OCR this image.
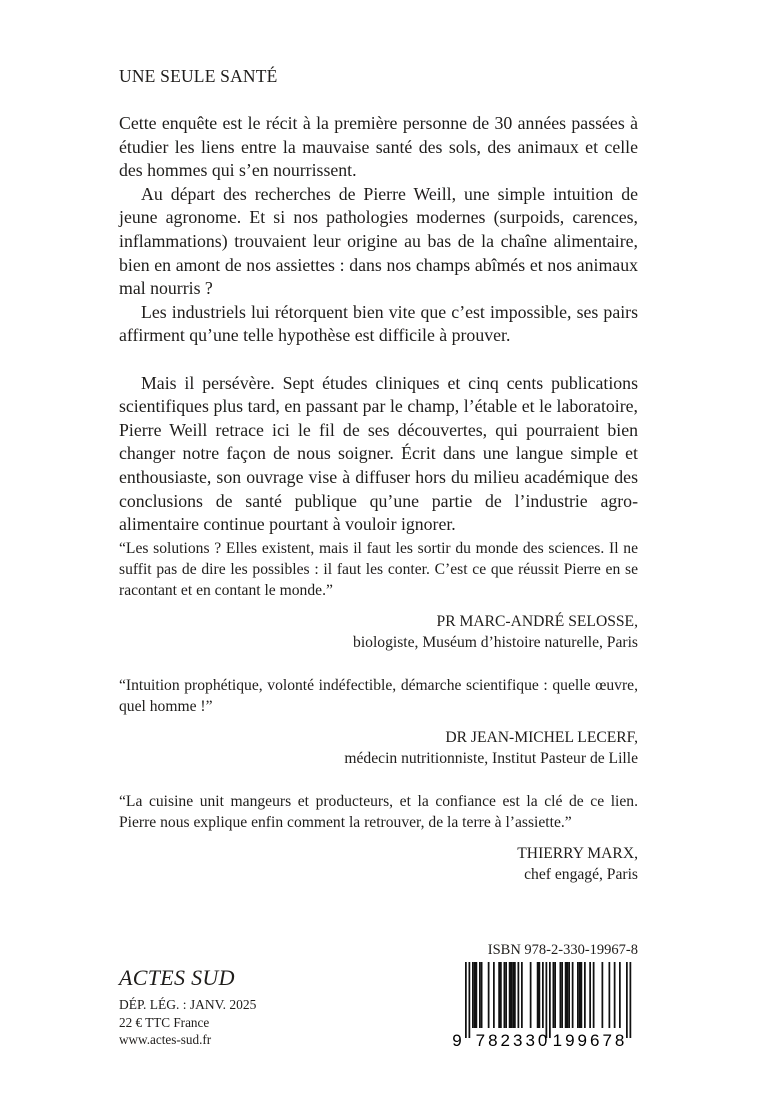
UNE SEULE SANTÉ

Cette enquête est le récit à la première personne de 30 années passées à étudier les liens entre la mauvaise santé des sols, des animaux et celle des hommes qui s’en nourrissent.

Au départ des recherches de Pierre Weill, une simple intuition de jeune agronome. Et si nos pathologies modernes (surpoids, carences, inflammations) trouvaient leur origine au bas de la chaîne alimentaire, bien en amont de nos assiettes : dans nos champs abîmés et nos animaux mal nourris ?

Les industriels lui rétorquent bien vite que c’est impossible, ses pairs affirment qu’une telle hypothèse est difficile à prouver.

Mais il persévère. Sept études cliniques et cinq cents publications scientifiques plus tard, en passant par le champ, l’étable et le laboratoire, Pierre Weill retrace ici le fil de ses découvertes, qui pourraient bien changer notre façon de nous soigner. Écrit dans une langue simple et enthousiaste, son ouvrage vise à diffuser hors du milieu académique des conclusions de santé publique qu’une partie de l’industrie agro-alimentaire continue pourtant à vouloir ignorer.

“Les solutions ? Elles existent, mais il faut les sortir du monde des sciences. Il ne suffit pas de dire les possibles : il faut les conter. C’est ce que réussit Pierre en se racontant et en contant le monde.”

PR MARC-ANDRÉ SELOSSE,
biologiste, Muséum d’histoire naturelle, Paris

“Intuition prophétique, volonté indéfectible, démarche scientifique : quelle œuvre, quel homme !”

DR JEAN-MICHEL LECERF,
médecin nutritionniste, Institut Pasteur de Lille

“La cuisine unit mangeurs et producteurs, et la confiance est la clé de ce lien. Pierre nous explique enfin comment la retrouver, de la terre à l’assiette.”

THIERRY MARX,
chef engagé, Paris
ACTES SUD
DÉP. LÉG. : JANV. 2025
22 € TTC France
www.actes-sud.fr
ISBN 978-2-330-19967-8
9 782330 199678
